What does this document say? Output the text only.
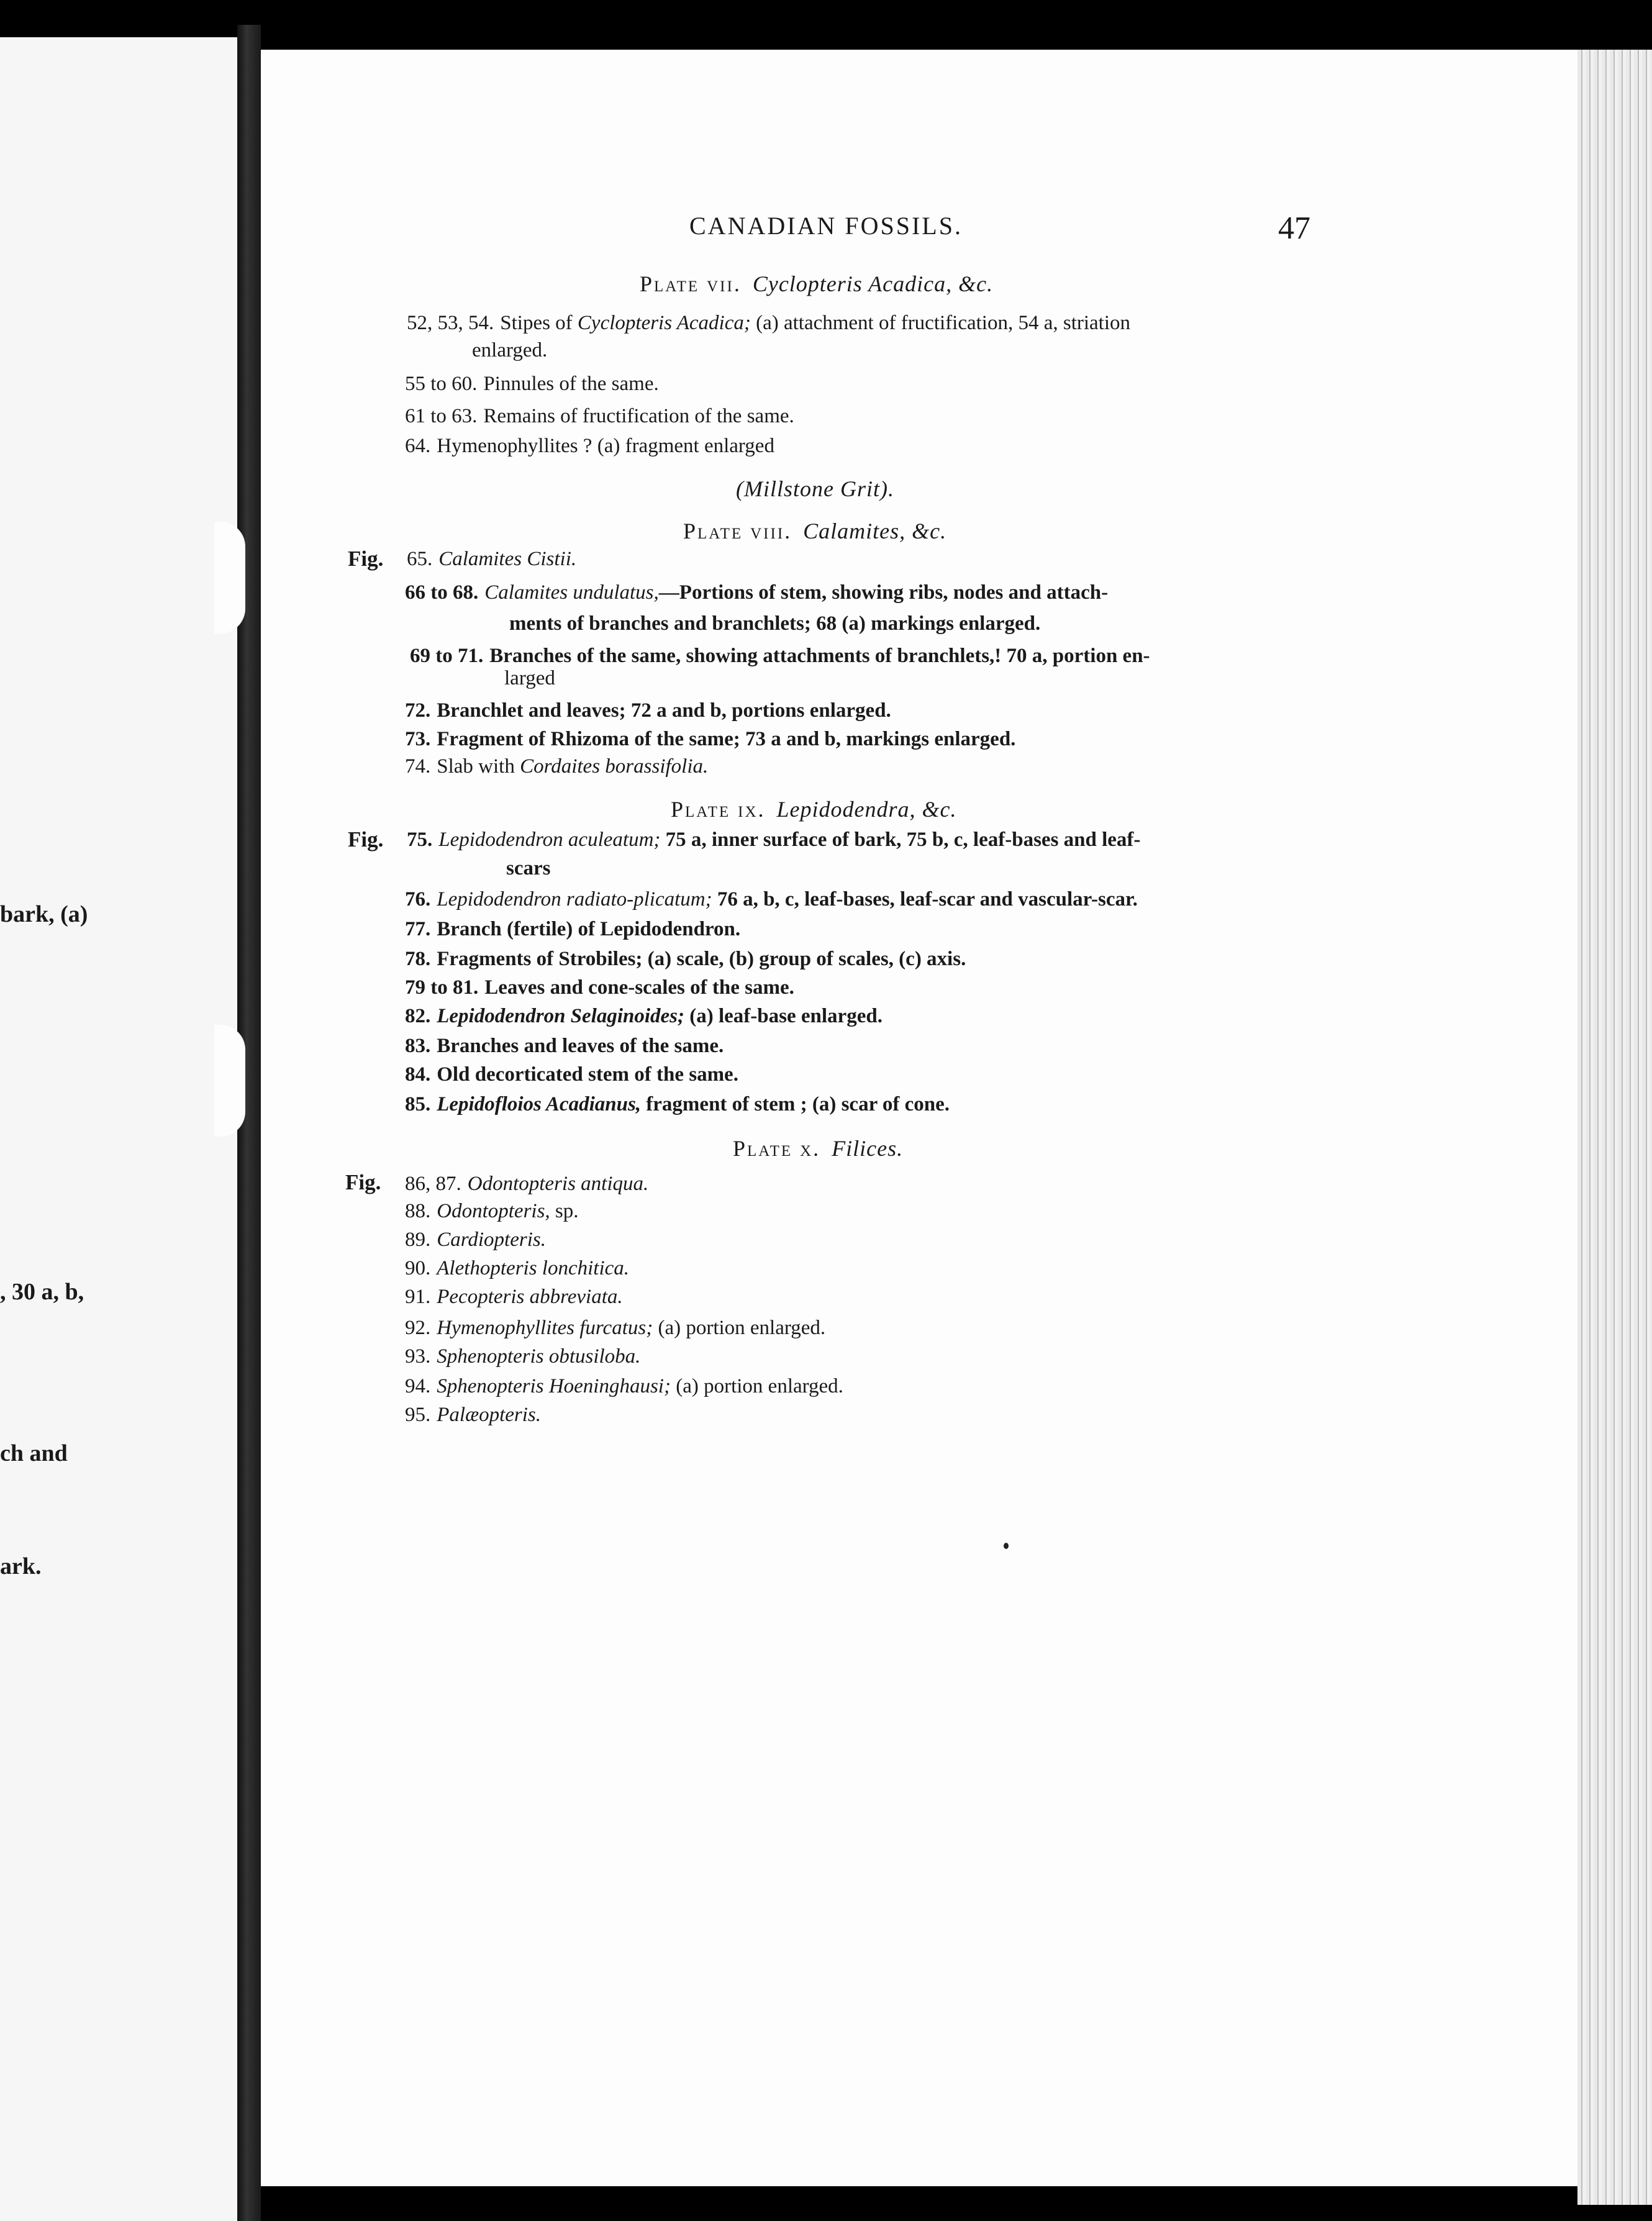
bark, (a)
, 30 a, b,
ch and
ark.
CANADIAN FOSSILS.	47
Plate vii. Cyclopteris Acadica, &c.
52, 53, 54. Stipes of Cyclopteris Acadica; (a) attachment of fructification, 54 a, striation
enlarged.
55 to 60. Pinnules of the same.
61 to 63. Remains of fructification of the same.
64. Hymenophyllites ? (a) fragment enlarged
(Millstone Grit).
Plate viii. Calamites, &c.
Fig. 65. Calamites Cistii.
66 to 68. Calamites undulatus,—Portions of stem, showing ribs, nodes and attach-
ments of branches and branchlets; 68 (a) markings enlarged.
69 to 71. Branches of the same, showing attachments of branchlets,! 70 a, portion en-
larged
72. Branchlet and leaves; 72 a and b, portions enlarged.
73. Fragment of Rhizoma of the same; 73 a and b, markings enlarged.
74. Slab with Cordaites borassifolia.
Plate ix. Lepidodendra, &c.
Fig. 75. Lepidodendron aculeatum; 75 a, inner surface of bark, 75 b, c, leaf-bases and leaf-
scars
76. Lepidodendron radiato-plicatum; 76 a, b, c, leaf-bases, leaf-scar and vascular-scar.
77. Branch (fertile) of Lepidodendron.
78. Fragments of Strobiles; (a) scale, (b) group of scales, (c) axis.
79 to 81. Leaves and cone-scales of the same.
82. Lepidodendron Selaginoides; (a) leaf-base enlarged.
83. Branches and leaves of the same.
84. Old decorticated stem of the same.
85. Lepidofloios Acadianus, fragment of stem ; (a) scar of cone.
Plate x. Filices.
Fig. 86, 87. Odontopteris antiqua.
88. Odontopteris, sp.
89. Cardiopteris.
90. Alethopteris lonchitica.
91. Pecopteris abbreviata.
92. Hymenophyllites furcatus; (a) portion enlarged.
93. Sphenopteris obtusiloba.
94. Sphenopteris Hoeninghausi; (a) portion enlarged.
95. Palæopteris.
